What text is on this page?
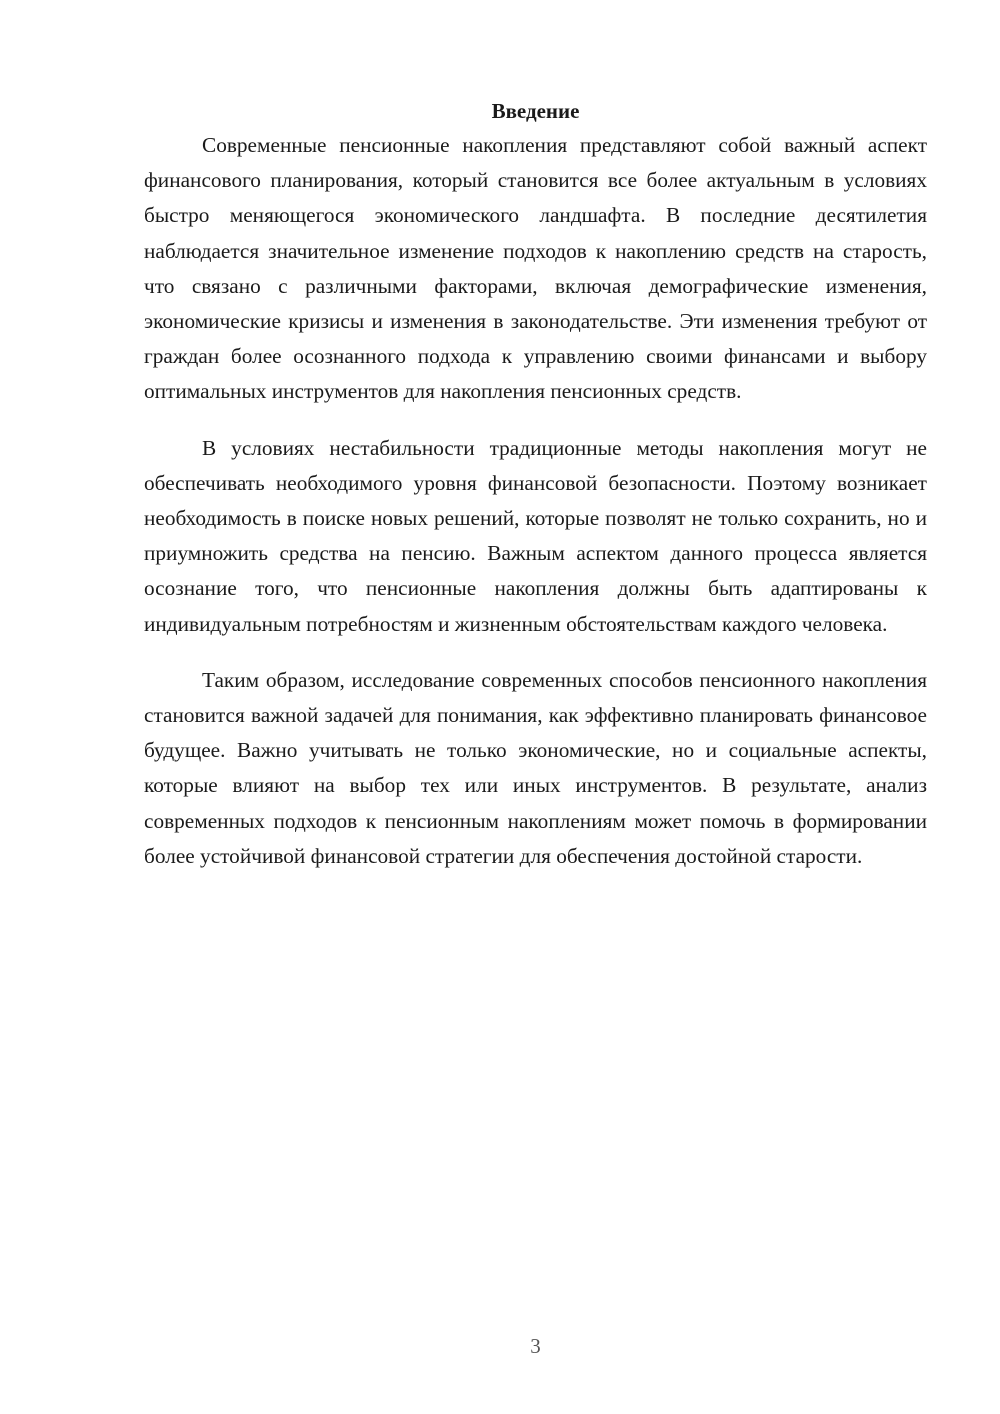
Введение

Современные пенсионные накопления представляют собой важный аспект финансового планирования, который становится все более актуальным в условиях быстро меняющегося экономического ландшафта. В последние десятилетия наблюдается значительное изменение подходов к накоплению средств на старость, что связано с различными факторами, включая демографические изменения, экономические кризисы и изменения в законодательстве. Эти изменения требуют от граждан более осознанного подхода к управлению своими финансами и выбору оптимальных инструментов для накопления пенсионных средств.

В условиях нестабильности традиционные методы накопления могут не обеспечивать необходимого уровня финансовой безопасности. Поэтому возникает необходимость в поиске новых решений, которые позволят не только сохранить, но и приумножить средства на пенсию. Важным аспектом данного процесса является осознание того, что пенсионные накопления должны быть адаптированы к индивидуальным потребностям и жизненным обстоятельствам каждого человека.

Таким образом, исследование современных способов пенсионного накопления становится важной задачей для понимания, как эффективно планировать финансовое будущее. Важно учитывать не только экономические, но и социальные аспекты, которые влияют на выбор тех или иных инструментов. В результате, анализ современных подходов к пенсионным накоплениям может помочь в формировании более устойчивой финансовой стратегии для обеспечения достойной старости.

3
